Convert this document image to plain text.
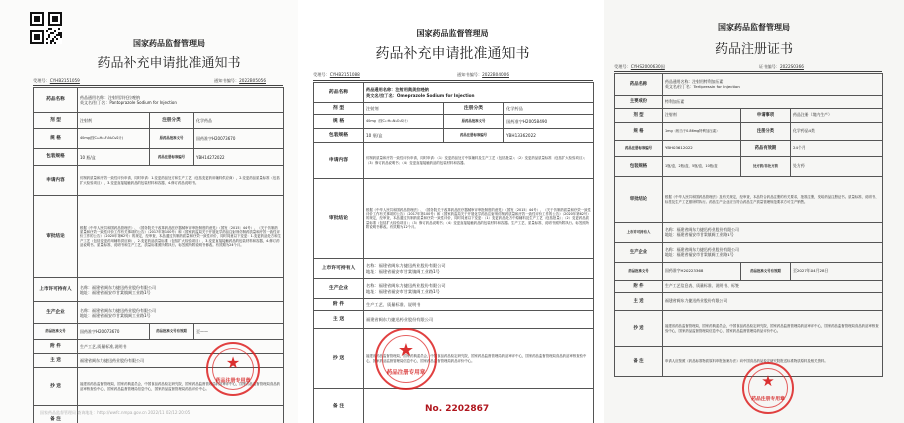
国家药品监督管理局
药品补充申请批准通知书
受理号：CYHB2151059	通知书编号：2022B05056
药品名称	药品通用名称：注射用泮托拉唑钠
英文名/拉丁名：Pantoprazole Sodium for Injection		
剂 型	注射剂	注册分类	化学药品
规 格	40mg(按C₁₆H₁₅F₂N₃O₄S计)	原药品批准文号	国药准字H20073670
包装规格	10 瓶/盒	药品注册标准编号	YBH14272022
申请内容	仿制药质量和疗效一致性评价申请，同时申请：1.变更药品处方和生产工艺（包括变更药用辅料供应商），2.变更药品质量标准（包括扩大检验项目），3.变更直接接触药品的包装材料和容器，4.修订药品说明书。		
审批结论	根据《中华人民共和国药品管理法》、《国务院关于改革药品医疗器械审评审批制度的意见》（国发〔2015〕44号）、《关于仿制药质量和疗效一致性评价工作有关事项的公告》（2017年第100号）和《国家药监局关于开展化学药品注射剂仿制药质量和疗效一致性评价工作的公告》（2020年第62号）的规定，经审查，本品通过仿制药质量和疗效一致性评价，同时同意以下变更：1.变更药品处方和生产工艺（包括变更药用辅料供应商），2.变更药品质量标准（包括扩大检验项目），3.变更直接接触药品的包装材料和容器，4.修订药品说明书。质量标准、说明书和生产工艺、质量标准照所附执行。标签照所附说明书修改。有效期为24个月。		
上市许可持有人	名称：福建省闽东力捷迅药业股份有限公司
地址：福建省福安市甘棠镇闽工业路1号		
生产企业	名称：福建省闽东力捷迅药业股份有限公司
地址：福建省福安市甘棠镇闽工业路1号		
药品批准文号	国药准字H20073670	药品批准文号有效期	至——
附 件	生产工艺,质量标准,说明书		
主 送	福建省闽东力捷迅药业股份有限公司		
抄 送	福建省药品监督管理局，国家药典委员会，中国食品药品检定研究院，国家药品监督管理局药品审评中心，国家药品监督管理局食品药品审核查验中心，国家药品监督管理局信息中心，国家药品监督管理局药品评价中心。		
备 注			
★
药品注册专用章
国家药品监督管理局 查询地址：http://wwfc.nmpa.gov.cn 2022/11 02/12:20:05
国家药品监督管理局
药品补充申请批准通知书
受理号：CYHB2151088	通知书编号：2022B04006
药品名称	药品通用名称：注射用奥美拉唑钠
英文名/拉丁名：Omeprazole Sodium for Injection		
剂 型	注射剂	注册分类	化学药品
规 格	40mg（按C₁₇H₁₉N₃O₃S计）	原药品批准文号	国药准字H20058490
包装规格	10 瓶/盒	药品注册标准编号	YBH13362022
申请内容	仿制药质量和疗效一致性评价申请，同时申请：（1）变更药品处方中原辅料及生产工艺（包括批量）；（2）变更药品质量标准（包括扩大检验项目）；（3）修订药品说明书；（4）变更直接接触药品的包装材料和容器。		
审批结论	根据《中华人民共和国药品管理法》、《国务院关于改革药品医疗器械审评审批制度的意见》（国发〔2015〕44号）、《关于仿制药质量和疗效一致性评价工作有关事项的公告》（2017年第100号）和《国家药监局关于开展化学药品注射剂仿制药质量和疗效一致性评价工作的公告》（2020年第62号）的规定，经审查，本品通过仿制药质量和疗效一致性评价，同时同意以下变更：（1）变更药品处方中原辅料及生产工艺（包括批量）；（2）变更药品质量标准（包括扩大检验项目）；（3）修订药品说明书；（4）变更直接接触药品的包装材料和容器。生产工艺、质量标准、说明书照所附执行。标签照所附说明书修改。有效期为12个月。		
上市许可持有人	名称：福建省闽东力捷迅药业股份有限公司
地址：福建省福安市甘棠镇闽工业路1号		
生产企业	名称：福建省闽东力捷迅药业股份有限公司
地址：福建省福安市甘棠镇闽工业路1号		
附 件	生产工艺、质量标准、说明书		
主 送	福建省闽东力捷迅药业股份有限公司		
抄 送	福建省药品监督管理局，国家药典委员会，中国食品药品检定研究院，国家药品监督管理局药品审评中心，国家药品监督管理局食品药品审核查验中心，国家药品监督管理局信息中心，国家药品监督管理局药品评价中心。		
备 注			
★
药品注册专用章
No. 2202867
国家药品监督管理局
药品注册证书
受理号：CYHS2000630国	证书编号：2022S0366
药品名称	药品通用名称：注射用特利加压素
英文名/拉丁名：Terlipressin for Injection		
主要成份	特利加压素		
剂 型	注射剂	申请事项	药品注册（境内生产）
规 格	1mg（相当于0.86mg特利加压素）	注册分类	化学药品4类
药品注册标准编号	YBH03612022	药品有效期	24个月
包装规格	1瓶/盒，2瓶/盒，5瓶/盒，10瓶/盒	处方药/非处方药	处方药
审批结论	根据《中华人民共和国药品管理法》及有关规定，经审查，本品符合药品注册的有关要求，批准注册，发给药品注册证书。质量标准、说明书、标签及生产工艺照所附执行。药品生产企业应当符合药品生产质量管理规范要求方可生产销售。		
上市许可持有人	名称：福建省闽东力捷迅药业股份有限公司
地址：福建省福安市甘棠镇闽工业路1号		
生产企业	名称：福建省闽东力捷迅药业股份有限公司
地址：福建省福安市甘棠镇闽工业路1号		
药品批准文号	国药准字H20223368	药品批准文号有效期	至2027年04月28日
附 件	生产工艺信息表、质量标准、说明书、标签		
主 送	福建省闽东力捷迅药业股份有限公司		
抄 送	福建省药品监督管理局，国家药典委员会，中国食品药品检定研究院，国家药品监督管理局药品审评中心，国家药品监督管理局食品药品审核查验中心，国家药品监督管理局信息中心，国家药品监督管理局药品评价中心。		
备 注	申请人应按照《药品标准物质原料申报备案办法》向中国食品药品检定研究院报送标准物质原料及相关资料。		
★
药品注册专用章
